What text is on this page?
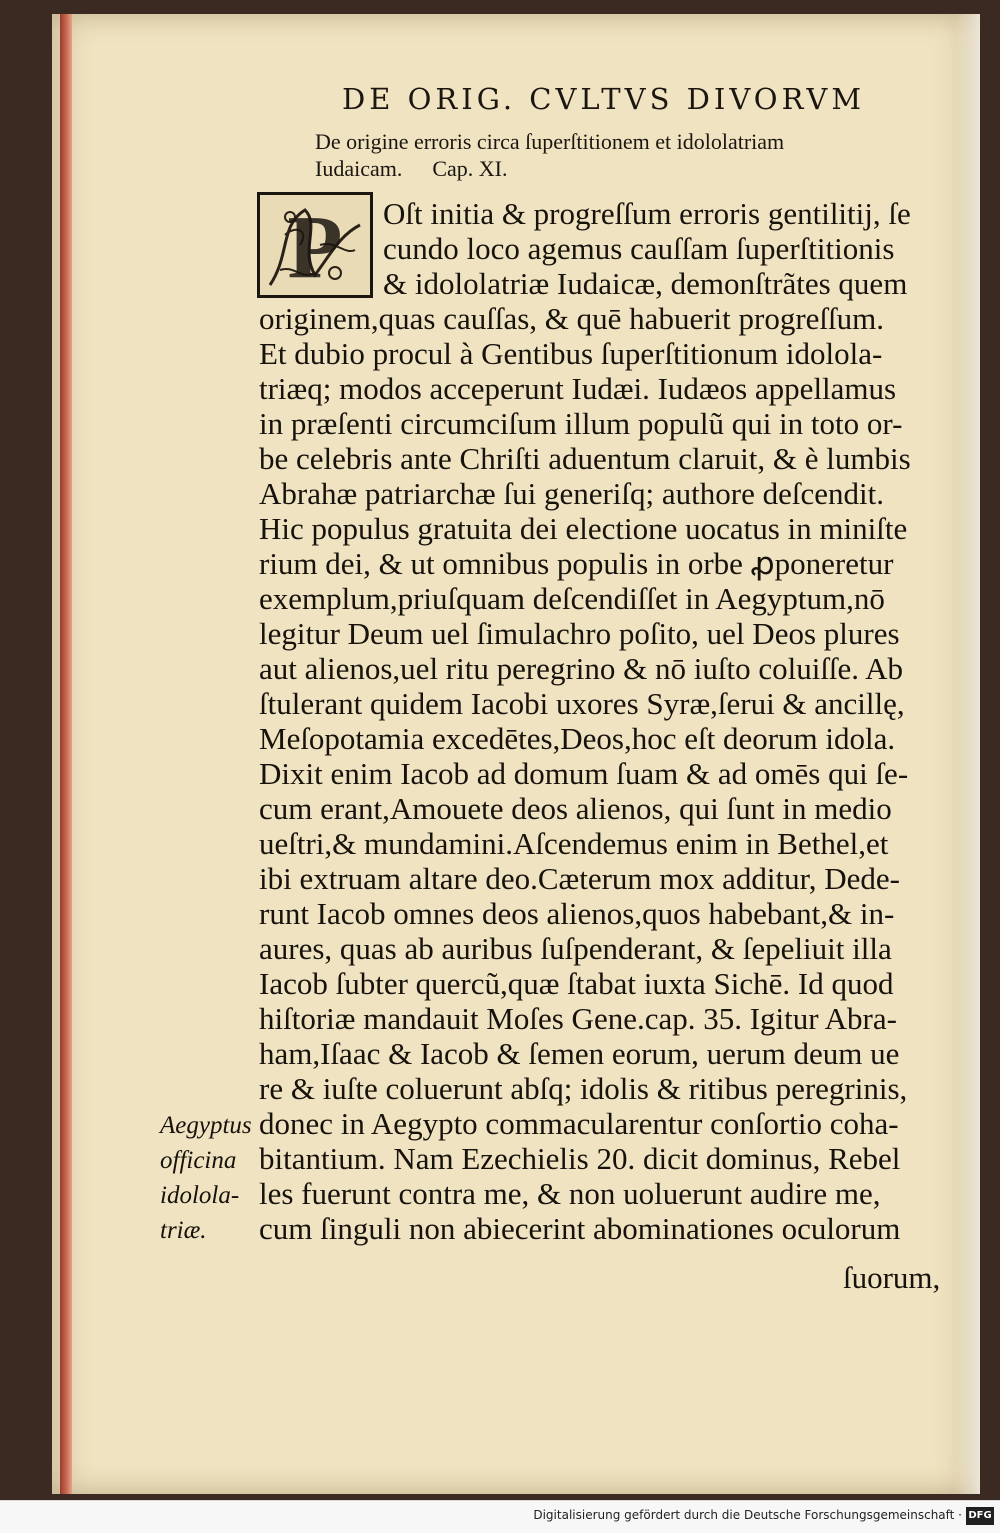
DE ORIG. CVLTVS DIVORVM
De origine erroris circa ſuperſtitionem et idololatriam
Iudaicam. Cap. XI.
P	Oſt initia & progreſſum erroris gentilitij, ſe
cundo loco agemus cauſſam ſuperſtitionis
& idololatriæ Iudaicæ, demonſtrãtes quem
originem,quas cauſſas, & quē habuerit progreſſum.
Et dubio procul à Gentibus ſuperſtitionum idolola-
triæq; modos acceperunt Iudæi. Iudæos appellamus
in præſenti circumciſum illum populũ qui in toto or-
be celebris ante Chriſti aduentum claruit, & è lumbis
Abrahæ patriarchæ ſui generiſq; authore deſcendit.
Hic populus gratuita dei electione uocatus in miniſte
rium dei, & ut omnibus populis in orbe ꝓponeretur
exemplum,priuſquam deſcendiſſet in Aegyptum,nō
legitur Deum uel ſimulachro poſito, uel Deos plures
aut alienos,uel ritu peregrino & nō iuſto coluiſſe. Ab
ſtulerant quidem Iacobi uxores Syræ,ſerui & ancillę,
Meſopotamia excedētes,Deos,hoc eſt deorum idola.
Dixit enim Iacob ad domum ſuam & ad omēs qui ſe-
cum erant,Amouete deos alienos, qui ſunt in medio
ueſtri,& mundamini.Aſcendemus enim in Bethel,et
ibi extruam altare deo.Cæterum mox additur, Dede-
runt Iacob omnes deos alienos,quos habebant,& in-
aures, quas ab auribus ſuſpenderant, & ſepeliuit illa
Iacob ſubter quercũ,quæ ſtabat iuxta Sichē. Id quod
hiſtoriæ mandauit Moſes Gene.cap. 35. Igitur Abra-
ham,Iſaac & Iacob & ſemen eorum, uerum deum ue
re & iuſte coluerunt abſq; idolis & ritibus peregrinis,
donec in Aegypto commacularentur conſortio coha-
bitantium. Nam Ezechielis 20. dicit dominus, Rebel
les fuerunt contra me, & non uoluerunt audire me,
cum ſinguli non abiecerint abominationes oculorum
ſuorum,
Aegyptus
officina
idolola-
triæ.
Digitalisierung gefördert durch die Deutsche Forschungsgemeinschaft · DFG
